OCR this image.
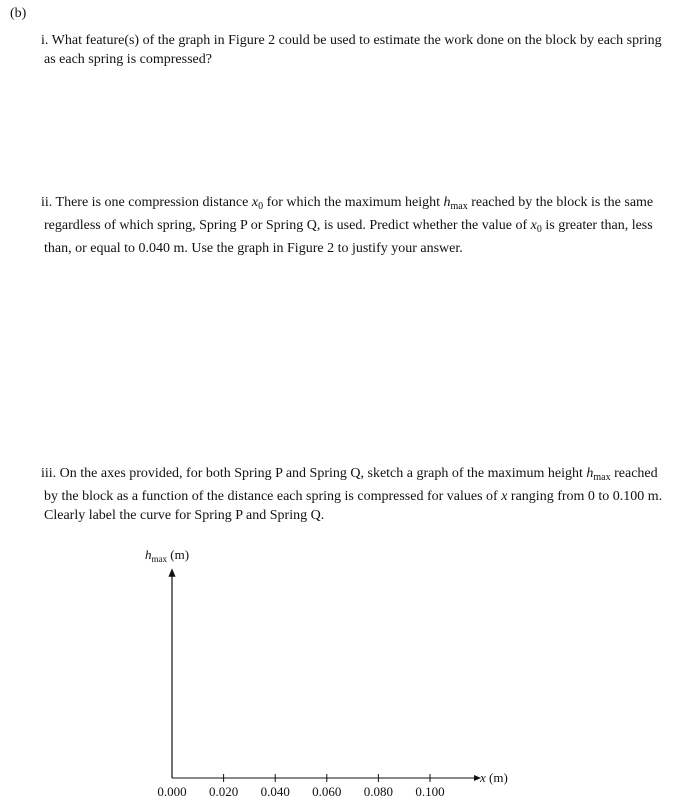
(b)
i. What feature(s) of the graph in Figure 2 could be used to estimate the work done on the block by each spring as each spring is compressed?
ii. There is one compression distance $x_0$ for which the maximum height $h_{max}$ reached by the block is the same regardless of which spring, Spring P or Spring Q, is used. Predict whether the value of $x_0$ is greater than, less than, or equal to 0.040 m. Use the graph in Figure 2 to justify your answer.
iii. On the axes provided, for both Spring P and Spring Q, sketch a graph of the maximum height $h_{max}$ reached by the block as a function of the distance each spring is compressed for values of x ranging from 0 to 0.100 m. Clearly label the curve for Spring P and Spring Q.
$h_{max}$ (m)
x (m)
0.000 0.020 0.040 0.060 0.080 0.100
